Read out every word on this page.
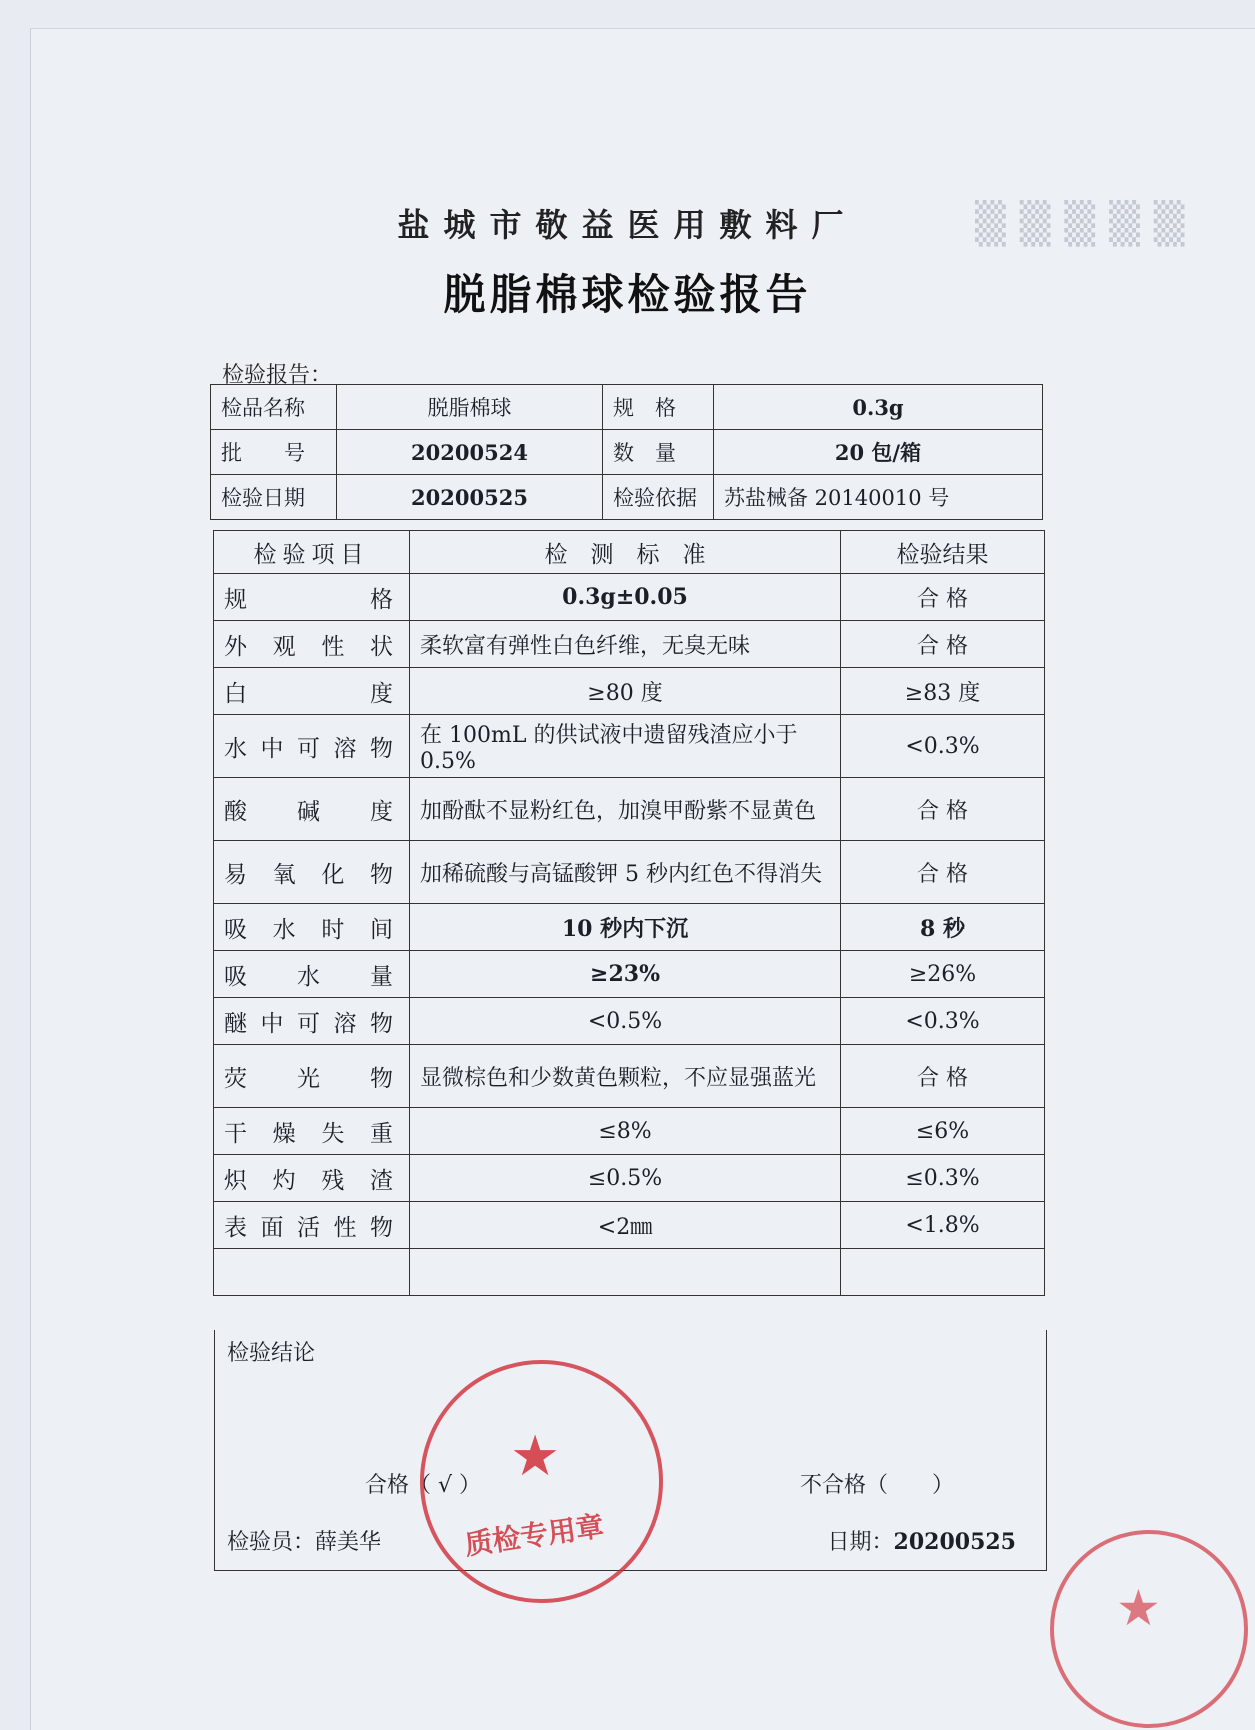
▒ ▒ ▒ ▒ ▒
盐城市敬益医用敷料厂
脱脂棉球检验报告
检验报告：
检品名称	脱脂棉球	规　格	0.3g
批　　号	20200524	数　量	20 包/箱
检验日期	20200525	检验依据	苏盐械备 20140010 号
检验项目	检　测　标　准	检验结果
规格	0.3g±0.05	合 格
外观性状	柔软富有弹性白色纤维，无臭无味	合 格
白度	≥80 度	≥83 度
水中可溶物	在 100mL 的供试液中遗留残渣应小于 0.5%	<0.3%
酸碱度	加酚酞不显粉红色，加溴甲酚紫不显黄色	合 格
易氧化物	加稀硫酸与高锰酸钾 5 秒内红色不得消失	合 格
吸水时间	10 秒内下沉	8 秒
吸水量	≥23%	≥26%
醚中可溶物	<0.5%	<0.3%
荧光物	显微棕色和少数黄色颗粒，不应显强蓝光	合 格
干燥失重	≤8%	≤6%
炽灼残渣	≤0.5%	≤0.3%
表面活性物	<2㎜	<1.8%

检验结论
合格（ √ ）	不合格（　　）
检验员：薛美华	日期：20200525
★
质检专用章
★
